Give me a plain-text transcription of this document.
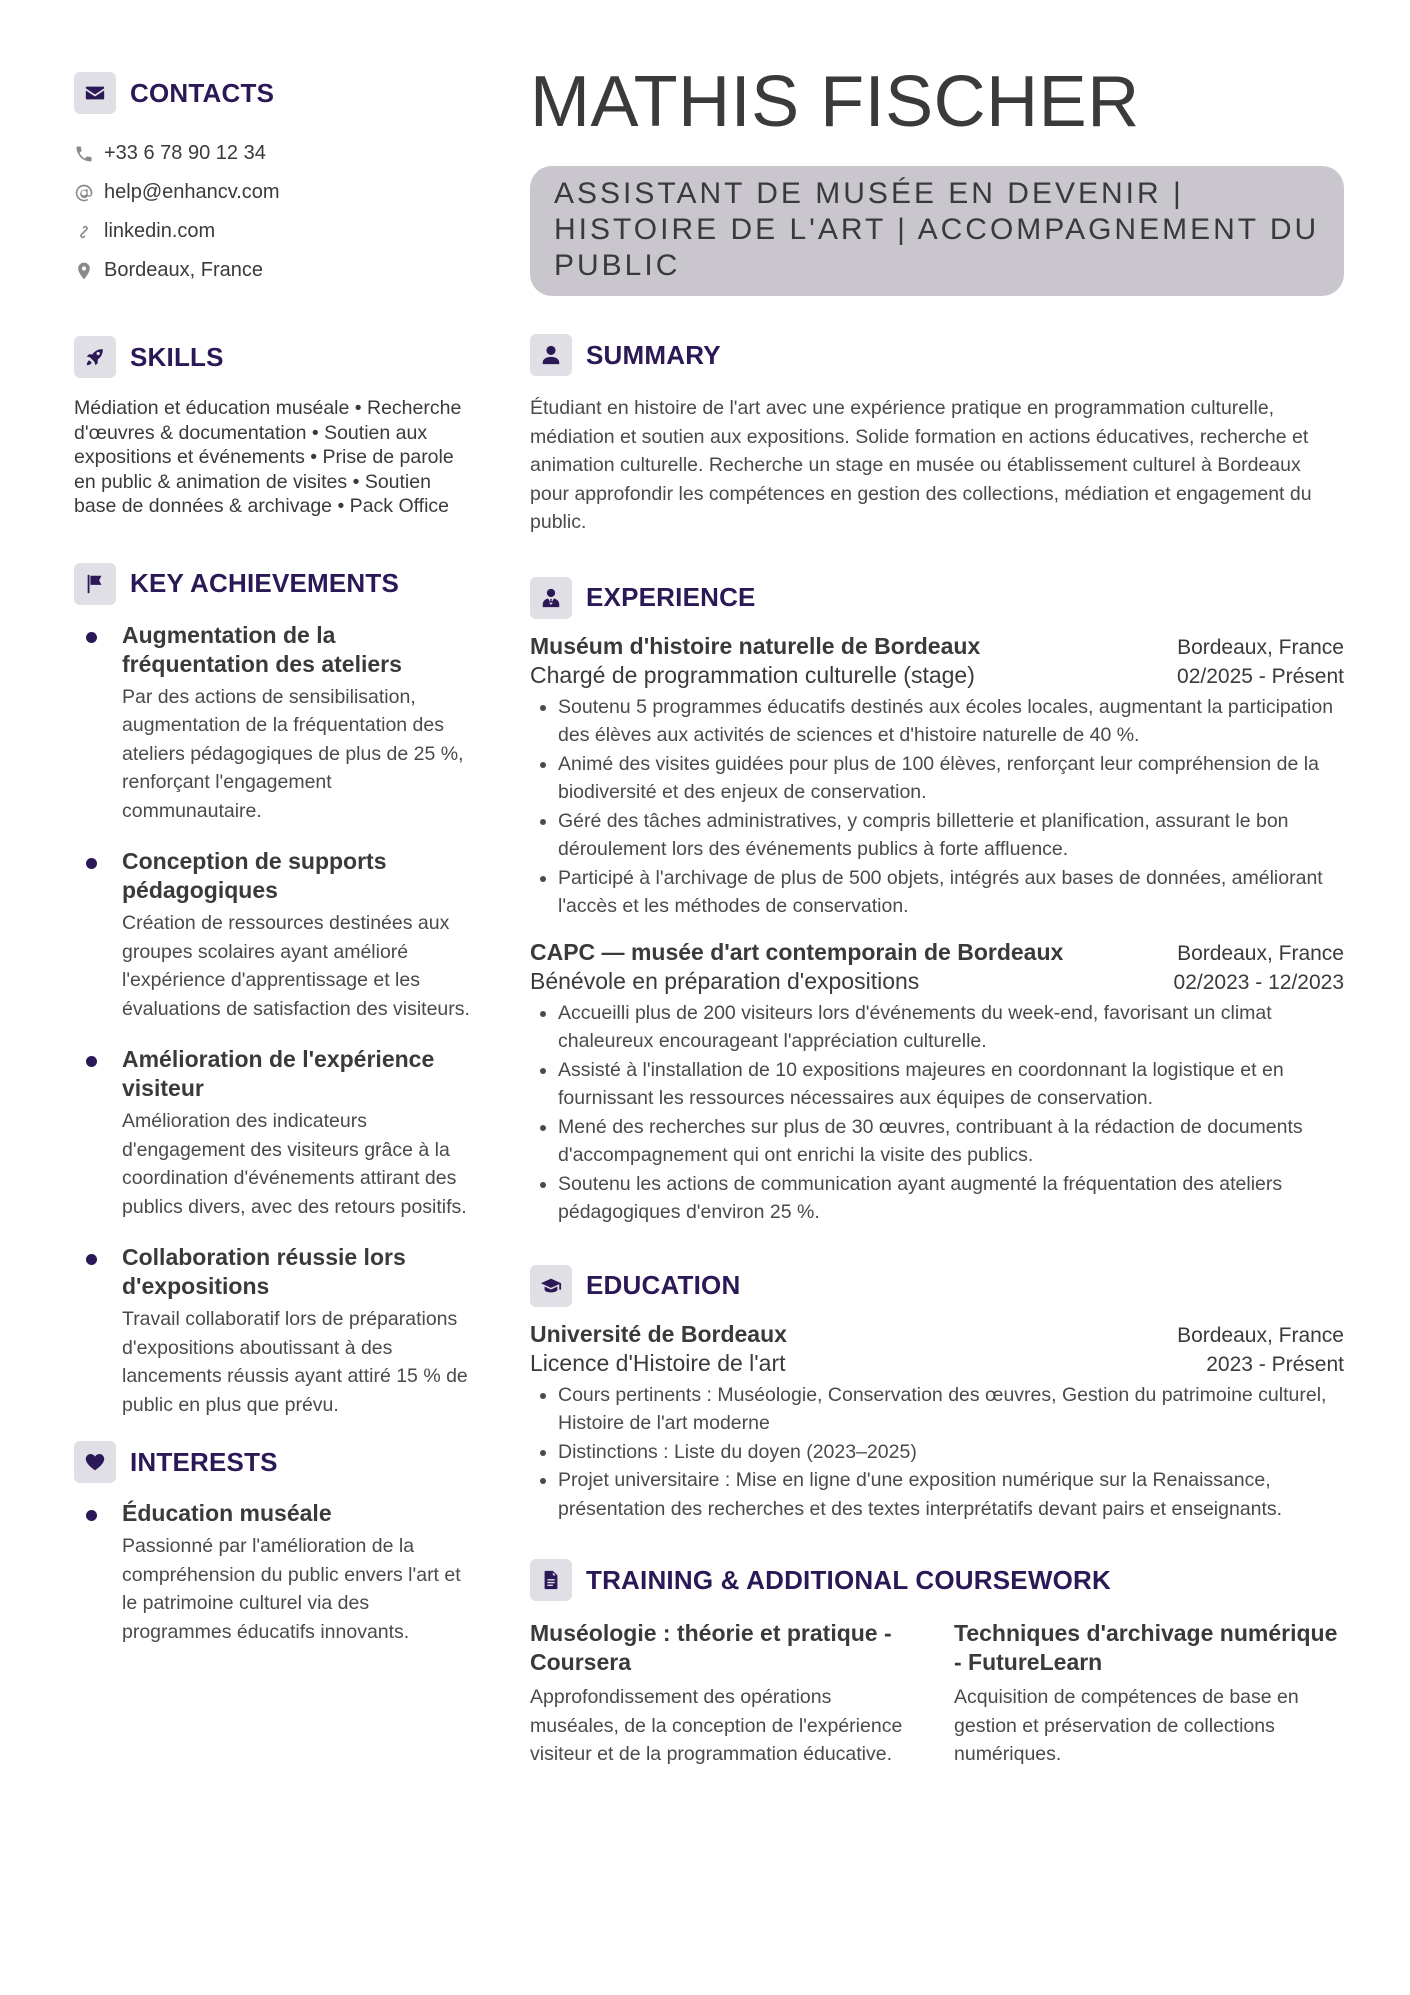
CONTACTS
+33 6 78 90 12 34
help@enhancv.com
linkedin.com
Bordeaux, France
SKILLS

Médiation et éducation muséale • Recherche d'œuvres & documentation • Soutien aux expositions et événements • Prise de parole en public & animation de visites • Soutien base de données & archivage • Pack Office

KEY ACHIEVEMENTS
Augmentation de la fréquentation des ateliers
Par des actions de sensibilisation, augmentation de la fréquentation des ateliers pédagogiques de plus de 25 %, renforçant l'engagement communautaire.
Conception de supports pédagogiques
Création de ressources destinées aux groupes scolaires ayant amélioré l'expérience d'apprentissage et les évaluations de satisfaction des visiteurs.
Amélioration de l'expérience visiteur
Amélioration des indicateurs d'engagement des visiteurs grâce à la coordination d'événements attirant des publics divers, avec des retours positifs.
Collaboration réussie lors d'expositions
Travail collaboratif lors de préparations d'expositions aboutissant à des lancements réussis ayant attiré 15 % de public en plus que prévu.
INTERESTS
Éducation muséale
Passionné par l'amélioration de la compréhension du public envers l'art et le patrimoine culturel via des programmes éducatifs innovants.
MATHIS FISCHER
ASSISTANT DE MUSÉE EN DEVENIR | HISTOIRE DE L'ART | ACCOMPAGNEMENT DU PUBLIC
SUMMARY

Étudiant en histoire de l'art avec une expérience pratique en programmation culturelle, médiation et soutien aux expositions. Solide formation en actions éducatives, recherche et animation culturelle. Recherche un stage en musée ou établissement culturel à Bordeaux pour approfondir les compétences en gestion des collections, médiation et engagement du public.

EXPERIENCE
Muséum d'histoire naturelle de Bordeaux	Bordeaux, France
Chargé de programmation culturelle (stage)	02/2025 - Présent
Soutenu 5 programmes éducatifs destinés aux écoles locales, augmentant la participation des élèves aux activités de sciences et d'histoire naturelle de 40 %.
Animé des visites guidées pour plus de 100 élèves, renforçant leur compréhension de la biodiversité et des enjeux de conservation.
Géré des tâches administratives, y compris billetterie et planification, assurant le bon déroulement lors des événements publics à forte affluence.
Participé à l'archivage de plus de 500 objets, intégrés aux bases de données, améliorant l'accès et les méthodes de conservation.
CAPC — musée d'art contemporain de Bordeaux	Bordeaux, France
Bénévole en préparation d'expositions	02/2023 - 12/2023
Accueilli plus de 200 visiteurs lors d'événements du week-end, favorisant un climat chaleureux encourageant l'appréciation culturelle.
Assisté à l'installation de 10 expositions majeures en coordonnant la logistique et en fournissant les ressources nécessaires aux équipes de conservation.
Mené des recherches sur plus de 30 œuvres, contribuant à la rédaction de documents d'accompagnement qui ont enrichi la visite des publics.
Soutenu les actions de communication ayant augmenté la fréquentation des ateliers pédagogiques d'environ 25 %.
EDUCATION
Université de Bordeaux	Bordeaux, France
Licence d'Histoire de l'art	2023 - Présent
Cours pertinents : Muséologie, Conservation des œuvres, Gestion du patrimoine culturel, Histoire de l'art moderne
Distinctions : Liste du doyen (2023–2025)
Projet universitaire : Mise en ligne d'une exposition numérique sur la Renaissance, présentation des recherches et des textes interprétatifs devant pairs et enseignants.
TRAINING & ADDITIONAL COURSEWORK
Muséologie : théorie et pratique - Coursera
Approfondissement des opérations muséales, de la conception de l'expérience visiteur et de la programmation éducative.
Techniques d'archivage numérique - FutureLearn
Acquisition de compétences de base en gestion et préservation de collections numériques.
